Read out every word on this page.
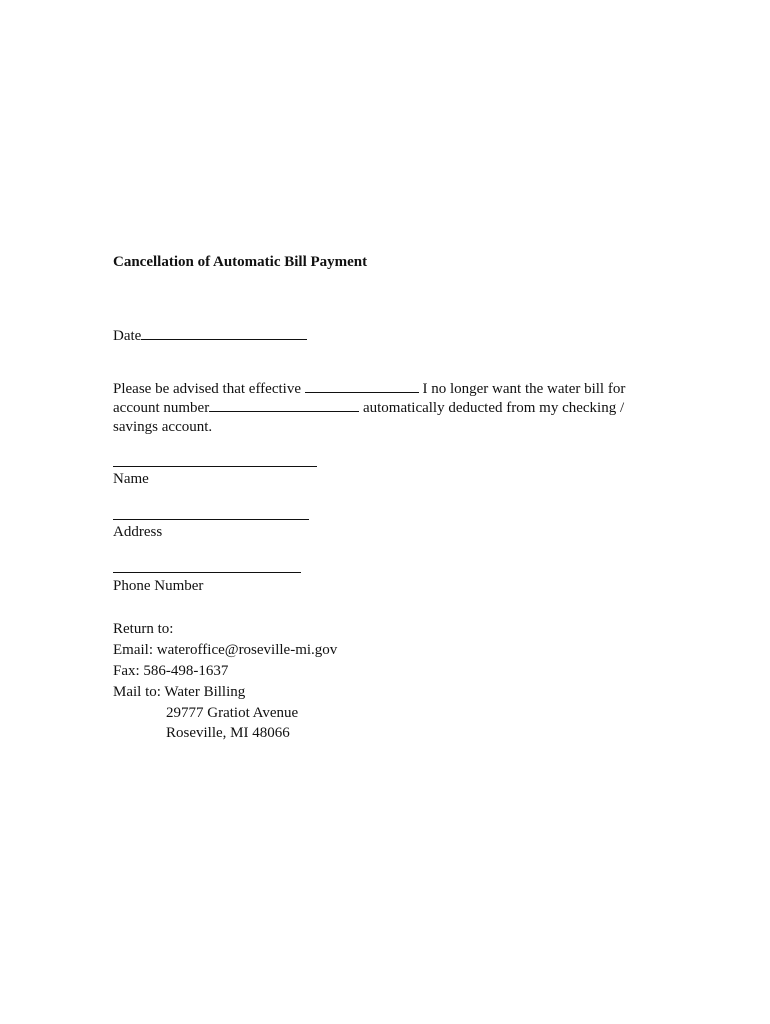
Cancellation of Automatic Bill Payment
Date
Please be advised that effective	I no longer want the water bill for
account number	automatically deducted from my checking /
savings account.
Name
Address
Phone Number
Return to:
Email: wateroffice@roseville-mi.gov
Fax: 586-498-1637
Mail to: Water Billing
29777 Gratiot Avenue
Roseville, MI 48066
